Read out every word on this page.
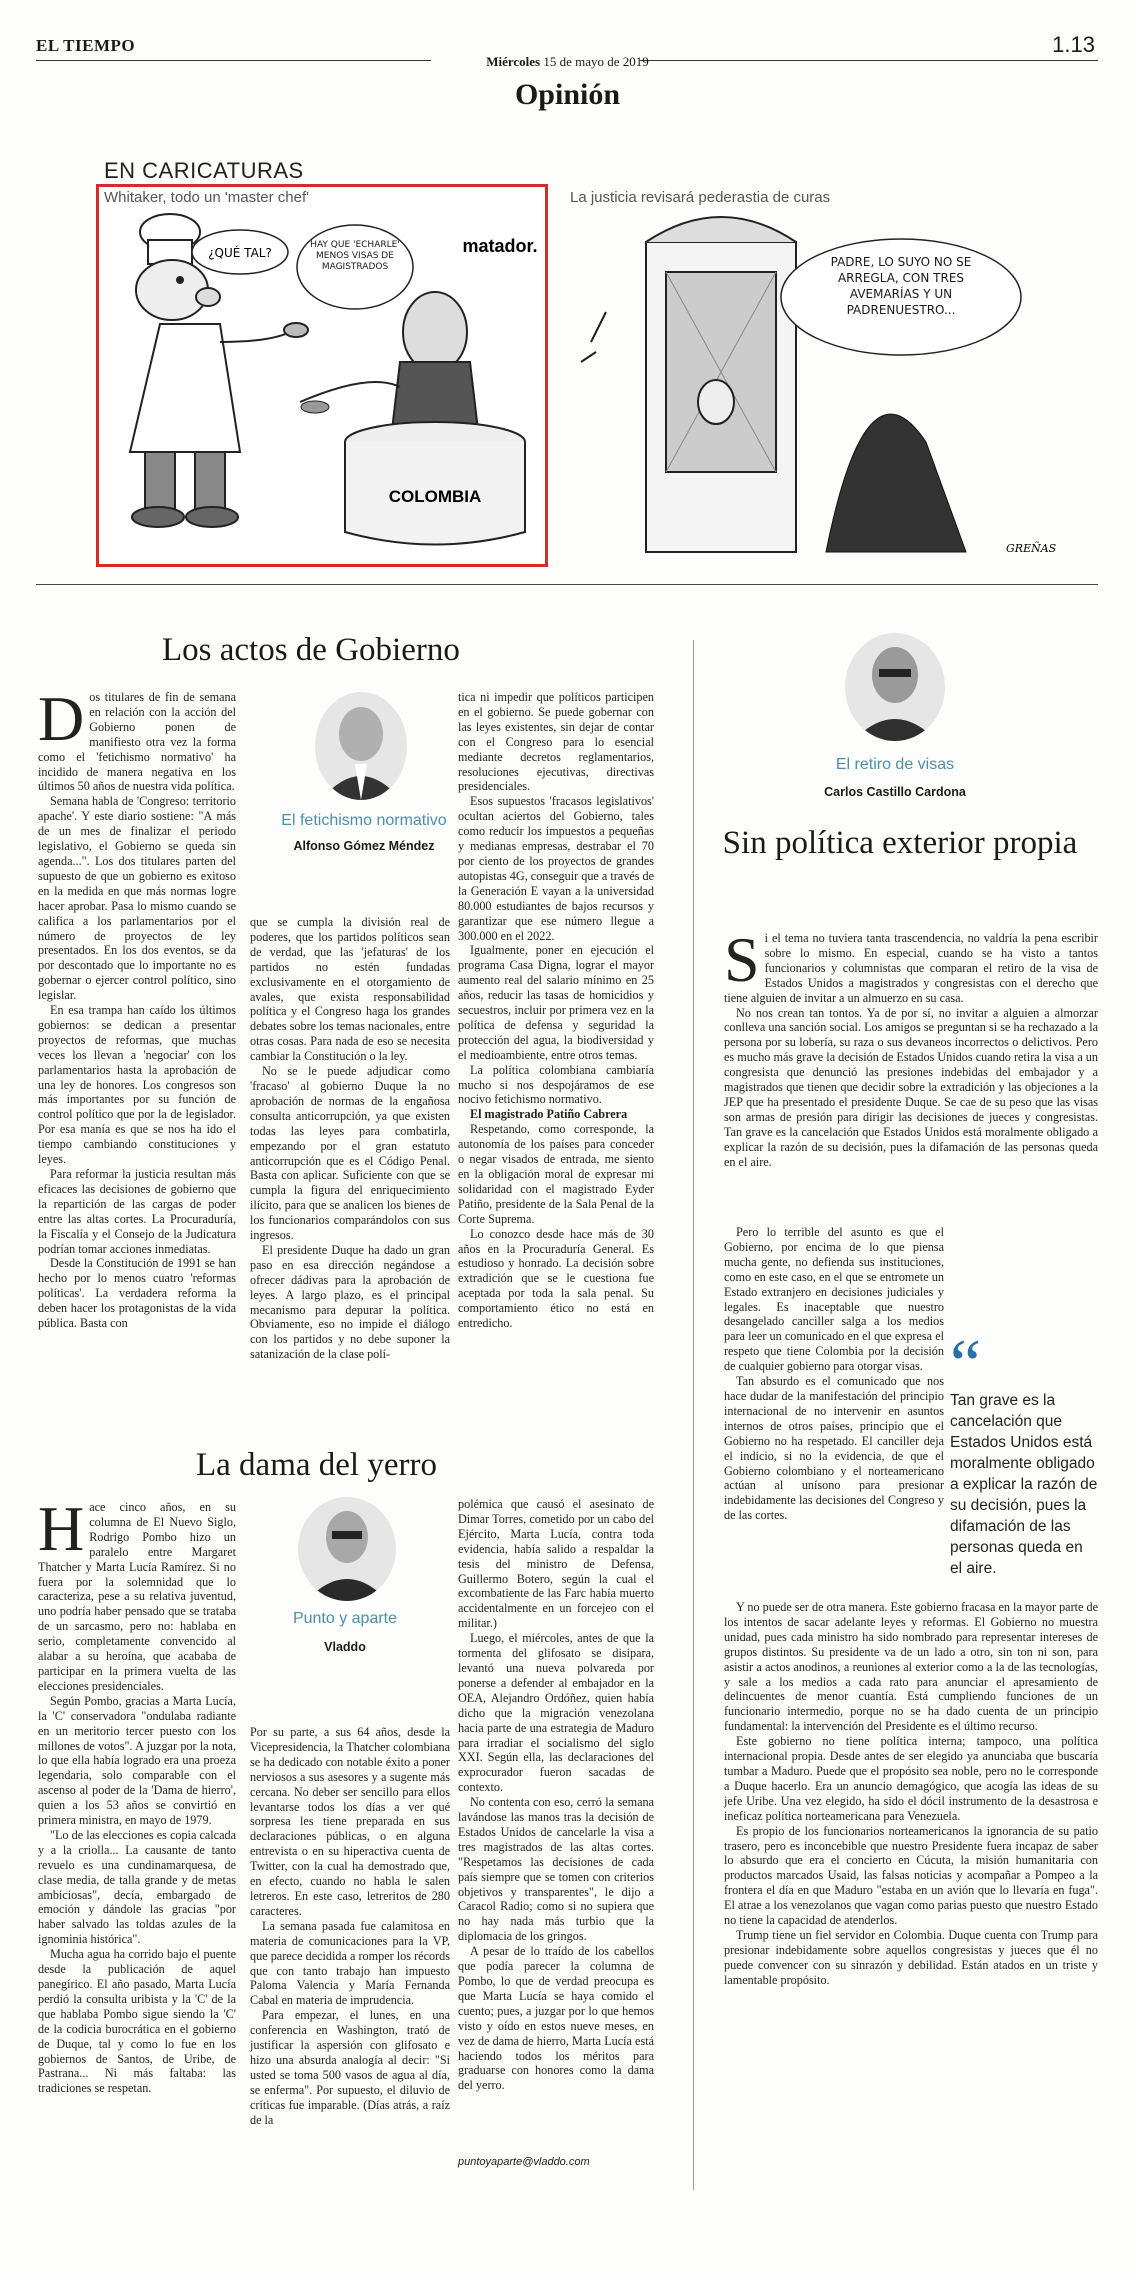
EL TIEMPO
Miércoles 15 de mayo de 2019
1.13
Opinión
EN CARICATURAS
Whitaker, todo un 'master chef'	La justicia revisará pederastia de curas
¿QUÉ TAL?
HAY QUE 'ECHARLE' MENOS VISAS DE MAGISTRADOS
matador.
COLOMBIA
PADRE, LO SUYO NO SE ARREGLA, CON TRES AVEMARÍAS Y UN PADRENUESTRO...
GREÑAS
Los actos de Gobierno
D os titulares de fin de semana en relación con la acción del Gobierno ponen de manifiesto otra vez la forma como el 'fetichismo normativo' ha incidido de manera negativa en los últimos 50 años de nuestra vida política.

Semana habla de 'Congreso: territorio apache'. Y este diario sostiene: "A más de un mes de finalizar el periodo legislativo, el Gobierno se queda sin agenda...". Los dos titulares parten del supuesto de que un gobierno es exitoso en la medida en que más normas logre hacer aprobar. Pasa lo mismo cuando se califica a los parlamentarios por el número de proyectos de ley presentados. En los dos eventos, se da por descontado que lo importante no es gobernar o ejercer control político, sino legislar.

En esa trampa han caído los últimos gobiernos: se dedican a presentar proyectos de reformas, que muchas veces los llevan a 'negociar' con los parlamentarios hasta la aprobación de una ley de honores. Los congresos son más importantes por su función de control político que por la de legislador. Por esa manía es que se nos ha ido el tiempo cambiando constituciones y leyes.

Para reformar la justicia resultan más eficaces las decisiones de gobierno que la repartición de las cargas de poder entre las altas cortes. La Procuraduría, la Fiscalía y el Consejo de la Judicatura podrían tomar acciones inmediatas.

Desde la Constitución de 1991 se han hecho por lo menos cuatro 'reformas políticas'. La verdadera reforma la deben hacer los protagonistas de la vida pública. Basta con

El fetichismo normativo
Alfonso Gómez Méndez

que se cumpla la división real de poderes, que los partidos políticos sean de verdad, que las 'jefaturas' de los partidos no estén fundadas exclusivamente en el otorgamiento de avales, que exista responsabilidad política y el Congreso haga los grandes debates sobre los temas nacionales, entre otras cosas. Para nada de eso se necesita cambiar la Constitución o la ley.

No se le puede adjudicar como 'fracaso' al gobierno Duque la no aprobación de normas de la engañosa consulta anticorrupción, ya que existen todas las leyes para combatirla, empezando por el gran estatuto anticorrupción que es el Código Penal. Basta con aplicar. Suficiente con que se cumpla la figura del enriquecimiento ilícito, para que se analicen los bienes de los funcionarios comparándolos con sus ingresos.

El presidente Duque ha dado un gran paso en esa dirección negándose a ofrecer dádivas para la aprobación de leyes. A largo plazo, es el principal mecanismo para depurar la política. Obviamente, eso no impide el diálogo con los partidos y no debe suponer la satanización de la clase polí-

tica ni impedir que políticos participen en el gobierno. Se puede gobernar con las leyes existentes, sin dejar de contar con el Congreso para lo esencial mediante decretos reglamentarios, resoluciones ejecutivas, directivas presidenciales.

Esos supuestos 'fracasos legislativos' ocultan aciertos del Gobierno, tales como reducir los impuestos a pequeñas y medianas empresas, destrabar el 70 por ciento de los proyectos de grandes autopistas 4G, conseguir que a través de la Generación E vayan a la universidad 80.000 estudiantes de bajos recursos y garantizar que ese número llegue a 300.000 en el 2022.

Igualmente, poner en ejecución el programa Casa Digna, lograr el mayor aumento real del salario mínimo en 25 años, reducir las tasas de homicidios y secuestros, incluir por primera vez en la política de defensa y seguridad la protección del agua, la biodiversidad y el medioambiente, entre otros temas.

La política colombiana cambiaría mucho si nos despojáramos de ese nocivo fetichismo normativo.

El magistrado Patiño Cabrera

Respetando, como corresponde, la autonomía de los países para conceder o negar visados de entrada, me siento en la obligación moral de expresar mi solidaridad con el magistrado Eyder Patiño, presidente de la Sala Penal de la Corte Suprema.

Lo conozco desde hace más de 30 años en la Procuraduría General. Es estudioso y honrado. La decisión sobre extradición que se le cuestiona fue aceptada por toda la sala penal. Su comportamiento ético no está en entredicho.

La dama del yerro
H ace cinco años, en su columna de El Nuevo Siglo, Rodrigo Pombo hizo un paralelo entre Margaret Thatcher y Marta Lucía Ramírez. Si no fuera por la solemnidad que lo caracteriza, pese a su relativa juventud, uno podría haber pensado que se trataba de un sarcasmo, pero no: hablaba en serio, completamente convencido al alabar a su heroína, que acababa de participar en la primera vuelta de las elecciones presidenciales.

Según Pombo, gracias a Marta Lucía, la 'C' conservadora "ondulaba radiante en un meritorio tercer puesto con los millones de votos". A juzgar por la nota, lo que ella había logrado era una proeza legendaria, solo comparable con el ascenso al poder de la 'Dama de hierro', quien a los 53 años se convirtió en primera ministra, en mayo de 1979.

"Lo de las elecciones es copia calcada y a la criolla... La causante de tanto revuelo es una cundinamarquesa, de clase media, de talla grande y de metas ambiciosas", decía, embargado de emoción y dándole las gracias "por haber salvado las toldas azules de la ignominia histórica".

Mucha agua ha corrido bajo el puente desde la publicación de aquel panegírico. El año pasado, Marta Lucía perdió la consulta uribista y la 'C' de la que hablaba Pombo sigue siendo la 'C' de la codicia burocrática en el gobierno de Duque, tal y como lo fue en los gobiernos de Santos, de Uribe, de Pastrana... Ni más faltaba: las tradiciones se respetan.

Punto y aparte
Vladdo

Por su parte, a sus 64 años, desde la Vicepresidencia, la Thatcher colombiana se ha dedicado con notable éxito a poner nerviosos a sus asesores y a sugente más cercana. No deber ser sencillo para ellos levantarse todos los días a ver qué sorpresa les tiene preparada en sus declaraciones públicas, o en alguna entrevista o en su hiperactiva cuenta de Twitter, con la cual ha demostrado que, en efecto, cuando no habla le salen letreros. En este caso, letreritos de 280 caracteres.

La semana pasada fue calamitosa en materia de comunicaciones para la VP, que parece decidida a romper los récords que con tanto trabajo han impuesto Paloma Valencia y María Fernanda Cabal en materia de imprudencia.

Para empezar, el lunes, en una conferencia en Washington, trató de justificar la aspersión con glifosato e hizo una absurda analogía al decir: "Si usted se toma 500 vasos de agua al día, se enferma". Por supuesto, el diluvio de críticas fue imparable. (Días atrás, a raíz de la

polémica que causó el asesinato de Dimar Torres, cometido por un cabo del Ejército, Marta Lucía, contra toda evidencia, había salido a respaldar la tesis del ministro de Defensa, Guillermo Botero, según la cual el excombatiente de las Farc había muerto accidentalmente en un forcejeo con el militar.)

Luego, el miércoles, antes de que la tormenta del glifosato se disipara, levantó una nueva polvareda por ponerse a defender al embajador en la OEA, Alejandro Ordóñez, quien había dicho que la migración venezolana hacia parte de una estrategia de Maduro para irradiar el socialismo del siglo XXI. Según ella, las declaraciones del exprocurador fueron sacadas de contexto.

No contenta con eso, cerró la semana lavándose las manos tras la decisión de Estados Unidos de cancelarle la visa a tres magistrados de las altas cortes. "Respetamos las decisiones de cada país siempre que se tomen con criterios objetivos y transparentes", le dijo a Caracol Radio; como si no supiera que no hay nada más turbio que la diplomacia de los gringos.

A pesar de lo traído de los cabellos que podía parecer la columna de Pombo, lo que de verdad preocupa es que Marta Lucía se haya comido el cuento; pues, a juzgar por lo que hemos visto y oído en estos nueve meses, en vez de dama de hierro, Marta Lucía está haciendo todos los méritos para graduarse con honores como la dama del yerro.

puntoyaparte@vladdo.com
El retiro de visas
Carlos Castillo Cardona
Sin política exterior propia
S i el tema no tuviera tanta trascendencia, no valdría la pena escribir sobre lo mismo. En especial, cuando se ha visto a tantos funcionarios y columnistas que comparan el retiro de la visa de Estados Unidos a magistrados y congresistas con el derecho que tiene alguien de invitar a un almuerzo en su casa.

No nos crean tan tontos. Ya de por sí, no invitar a alguien a almorzar conlleva una sanción social. Los amigos se preguntan si se ha rechazado a la persona por su lobería, su raza o sus devaneos incorrectos o delictivos. Pero es mucho más grave la decisión de Estados Unidos cuando retira la visa a un congresista que denunció las presiones indebidas del embajador y a magistrados que tienen que decidir sobre la extradición y las objeciones a la JEP que ha presentado el presidente Duque. Se cae de su peso que las visas son armas de presión para dirigir las decisiones de jueces y congresistas. Tan grave es la cancelación que Estados Unidos está moralmente obligado a explicar la razón de su decisión, pues la difamación de las personas queda en el aire.

Pero lo terrible del asunto es que el Gobierno, por encima de lo que piensa mucha gente, no defienda sus instituciones, como en este caso, en el que se entromete un Estado extranjero en decisiones judiciales y legales. Es inaceptable que nuestro desangelado canciller salga a los medios para leer un comunicado en el que expresa el respeto que tiene Colombia por la decisión de cualquier gobierno para otorgar visas.

Tan absurdo es el comunicado que nos hace dudar de la manifestación del principio internacional de no intervenir en asuntos internos de otros países, principio que el Gobierno no ha respetado. El canciller deja el indicio, si no la evidencia, de que el Gobierno colombiano y el norteamericano actúan al unísono para presionar indebidamente las decisiones del Congreso y de las cortes.

“
Tan grave es la cancelación que Estados Unidos está moralmente obligado a explicar la razón de su decisión, pues la difamación de las personas queda en el aire.

Y no puede ser de otra manera. Este gobierno fracasa en la mayor parte de los intentos de sacar adelante leyes y reformas. El Gobierno no muestra unidad, pues cada ministro ha sido nombrado para representar intereses de grupos distintos. Su presidente va de un lado a otro, sin ton ni son, para asistir a actos anodinos, a reuniones al exterior como a la de las tecnologías, y sale a los medios a cada rato para anunciar el apresamiento de delincuentes de menor cuantía. Está cumpliendo funciones de un funcionario intermedio, porque no se ha dado cuenta de un principio fundamental: la intervención del Presidente es el último recurso.

Este gobierno no tiene política interna; tampoco, una política internacional propia. Desde antes de ser elegido ya anunciaba que buscaría tumbar a Maduro. Puede que el propósito sea noble, pero no le corresponde a Duque hacerlo. Era un anuncio demagógico, que acogía las ideas de su jefe Uribe. Una vez elegido, ha sido el dócil instrumento de la desastrosa e ineficaz política norteamericana para Venezuela.

Es propio de los funcionarios norteamericanos la ignorancia de su patio trasero, pero es inconcebible que nuestro Presidente fuera incapaz de saber lo absurdo que era el concierto en Cúcuta, la misión humanitaria con productos marcados Usaid, las falsas noticias y acompañar a Pompeo a la frontera el día en que Maduro "estaba en un avión que lo llevaría en fuga". El atrae a los venezolanos que vagan como parias puesto que nuestro Estado no tiene la capacidad de atenderlos.

Trump tiene un fiel servidor en Colombia. Duque cuenta con Trump para presionar indebidamente sobre aquellos congresistas y jueces que él no puede convencer con su sinrazón y debilidad. Están atados en un triste y lamentable propósito.
